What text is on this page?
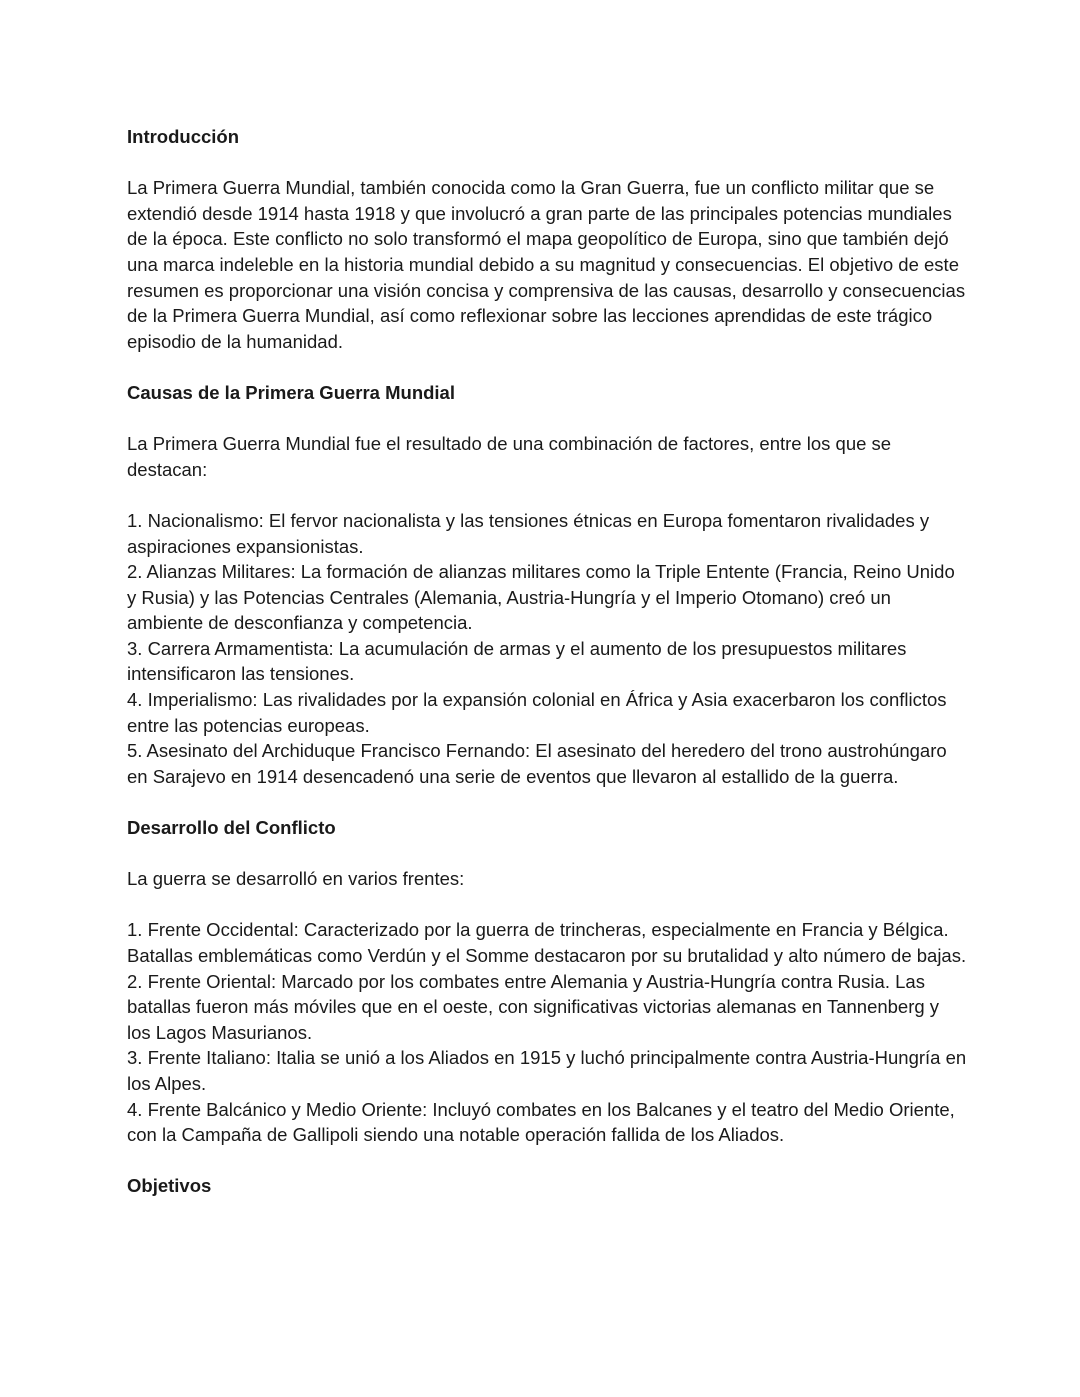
Introducción

La Primera Guerra Mundial, también conocida como la Gran Guerra, fue un conflicto militar que se extendió desde 1914 hasta 1918 y que involucró a gran parte de las principales potencias mundiales de la época. Este conflicto no solo transformó el mapa geopolítico de Europa, sino que también dejó una marca indeleble en la historia mundial debido a su magnitud y consecuencias. El objetivo de este resumen es proporcionar una visión concisa y comprensiva de las causas, desarrollo y consecuencias de la Primera Guerra Mundial, así como reflexionar sobre las lecciones aprendidas de este trágico episodio de la humanidad.

Causas de la Primera Guerra Mundial

La Primera Guerra Mundial fue el resultado de una combinación de factores, entre los que se destacan:

1. Nacionalismo: El fervor nacionalista y las tensiones étnicas en Europa fomentaron rivalidades y aspiraciones expansionistas.

2. Alianzas Militares: La formación de alianzas militares como la Triple Entente (Francia, Reino Unido y Rusia) y las Potencias Centrales (Alemania, Austria-Hungría y el Imperio Otomano) creó un ambiente de desconfianza y competencia.

3. Carrera Armamentista: La acumulación de armas y el aumento de los presupuestos militares intensificaron las tensiones.

4. Imperialismo: Las rivalidades por la expansión colonial en África y Asia exacerbaron los conflictos entre las potencias europeas.

5. Asesinato del Archiduque Francisco Fernando: El asesinato del heredero del trono austrohúngaro en Sarajevo en 1914 desencadenó una serie de eventos que llevaron al estallido de la guerra.

Desarrollo del Conflicto

La guerra se desarrolló en varios frentes:

1. Frente Occidental: Caracterizado por la guerra de trincheras, especialmente en Francia y Bélgica. Batallas emblemáticas como Verdún y el Somme destacaron por su brutalidad y alto número de bajas.

2. Frente Oriental: Marcado por los combates entre Alemania y Austria-Hungría contra Rusia. Las batallas fueron más móviles que en el oeste, con significativas victorias alemanas en Tannenberg y los Lagos Masurianos.

3. Frente Italiano: Italia se unió a los Aliados en 1915 y luchó principalmente contra Austria-Hungría en los Alpes.

4. Frente Balcánico y Medio Oriente: Incluyó combates en los Balcanes y el teatro del Medio Oriente, con la Campaña de Gallipoli siendo una notable operación fallida de los Aliados.

Objetivos
